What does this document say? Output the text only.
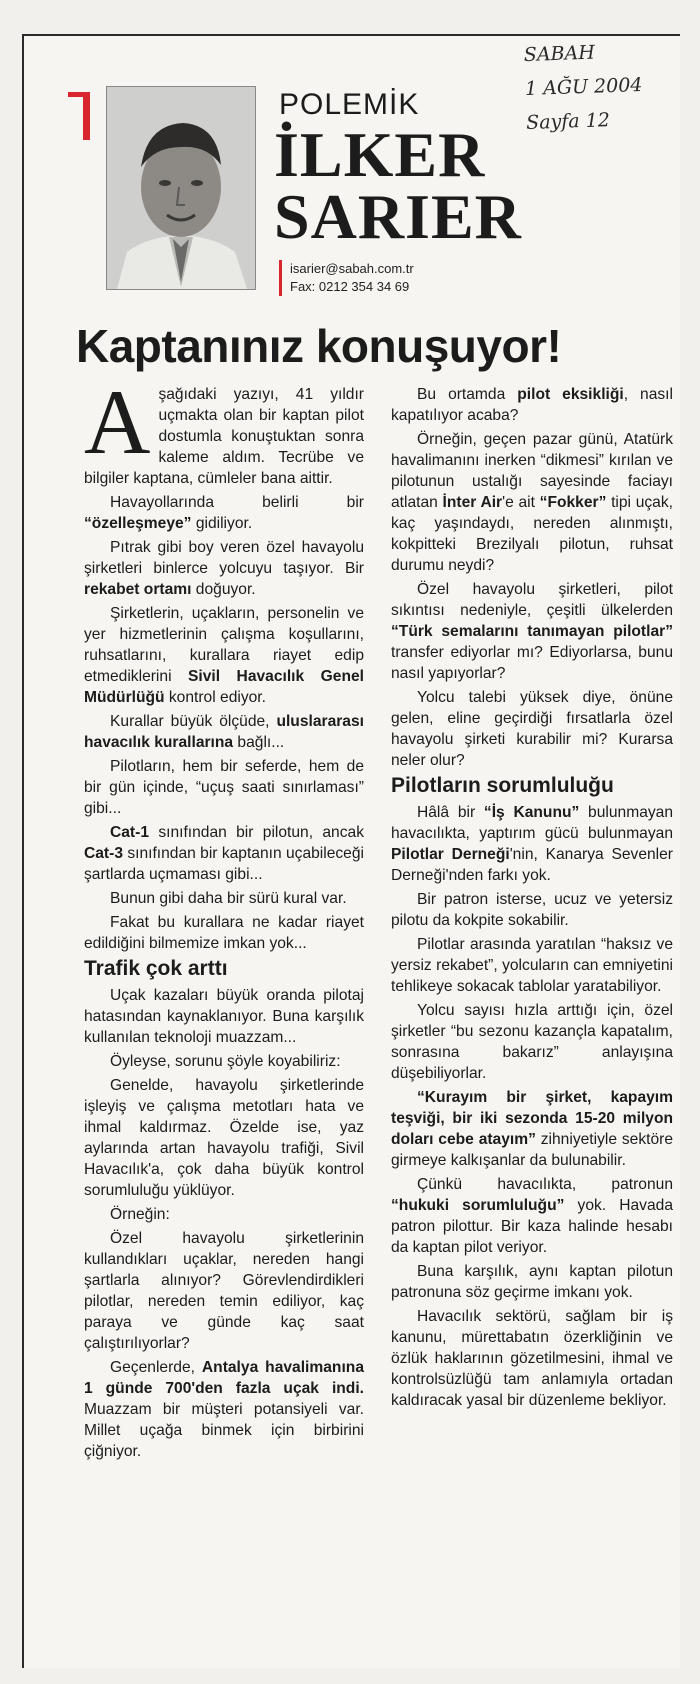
POLEMİK
İLKER
SARIER
isarier@sabah.com.tr
Fax: 0212 354 34 69
Kaptanınız konuşuyor!

Aşağıdaki yazıyı, 41 yıldır uçmakta olan bir kaptan pilot dostumla konuştuktan sonra kaleme aldım. Tecrübe ve bilgiler kaptana, cümleler bana aittir.

Havayollarında belirli bir “özelleşmeye” gidiliyor.

Pıtrak gibi boy veren özel havayolu şirketleri binlerce yolcuyu taşıyor. Bir rekabet ortamı doğuyor.

Şirketlerin, uçakların, personelin ve yer hizmetlerinin çalışma koşullarını, ruhsatlarını, kurallara riayet edip etmediklerini Sivil Havacılık Genel Müdürlüğü kontrol ediyor.

Kurallar büyük ölçüde, uluslararası havacılık kurallarına bağlı...

Pilotların, hem bir seferde, hem de bir gün içinde, “uçuş saati sınırlaması” gibi...

Cat-1 sınıfından bir pilotun, ancak Cat-3 sınıfından bir kaptanın uçabileceği şartlarda uçmaması gibi...

Bunun gibi daha bir sürü kural var.

Fakat bu kurallara ne kadar riayet edildiğini bilmemize imkan yok...

Trafik çok arttı

Uçak kazaları büyük oranda pilotaj hatasından kaynaklanıyor. Buna karşılık kullanılan teknoloji muazzam...

Öyleyse, sorunu şöyle koyabiliriz:

Genelde, havayolu şirketlerinde işleyiş ve çalışma metotları hata ve ihmal kaldırmaz. Özelde ise, yaz aylarında artan havayolu trafiği, Sivil Havacılık'a, çok daha büyük kontrol sorumluluğu yüklüyor.

Örneğin:

Özel havayolu şirketlerinin kullandıkları uçaklar, nereden hangi şartlarla alınıyor? Görevlendirdikleri pilotlar, nereden temin ediliyor, kaç paraya ve günde kaç saat çalıştırılıyorlar?

Geçenlerde, Antalya havalimanına 1 günde 700'den fazla uçak indi. Muazzam bir müşteri potansiyeli var. Millet uçağa binmek için birbirini çiğniyor.

Bu ortamda pilot eksikliği, nasıl kapatılıyor acaba?

Örneğin, geçen pazar günü, Atatürk havalimanını inerken “dikmesi” kırılan ve pilotunun ustalığı sayesinde faciayı atlatan İnter Air'e ait “Fokker” tipi uçak, kaç yaşındaydı, nereden alınmıştı, kokpitteki Brezilyalı pilotun, ruhsat durumu neydi?

Özel havayolu şirketleri, pilot sıkıntısı nedeniyle, çeşitli ülkelerden “Türk semalarını tanımayan pilotlar” transfer ediyorlar mı? Ediyorlarsa, bunu nasıl yapıyorlar?

Yolcu talebi yüksek diye, önüne gelen, eline geçirdiği fırsatlarla özel havayolu şirketi kurabilir mi? Kurarsa neler olur?

Pilotların sorumluluğu

Hâlâ bir “İş Kanunu” bulunmayan havacılıkta, yaptırım gücü bulunmayan Pilotlar Derneği'nin, Kanarya Sevenler Derneği'nden farkı yok.

Bir patron isterse, ucuz ve yetersiz pilotu da kokpite sokabilir.

Pilotlar arasında yaratılan “haksız ve yersiz rekabet”, yolcuların can emniyetini tehlikeye sokacak tablolar yaratabiliyor.

Yolcu sayısı hızla arttığı için, özel şirketler “bu sezonu kazançla kapatalım, sonrasına bakarız” anlayışına düşebiliyorlar.

“Kurayım bir şirket, kapayım teşviği, bir iki sezonda 15-20 milyon doları cebe atayım” zihniyetiyle sektöre girmeye kalkışanlar da bulunabilir.

Çünkü havacılıkta, patronun “hukuki sorumluluğu” yok. Havada patron pilottur. Bir kaza halinde hesabı da kaptan pilot veriyor.

Buna karşılık, aynı kaptan pilotun patronuna söz geçirme imkanı yok.

Havacılık sektörü, sağlam bir iş kanunu, mürettabatın özerkliğinin ve özlük haklarının gözetilmesini, ihmal ve kontrolsüzlüğü tam anlamıyla ortadan kaldıracak yasal bir düzenleme bekliyor.

SABAH
1 AĞU 2004
Sayfa 12
